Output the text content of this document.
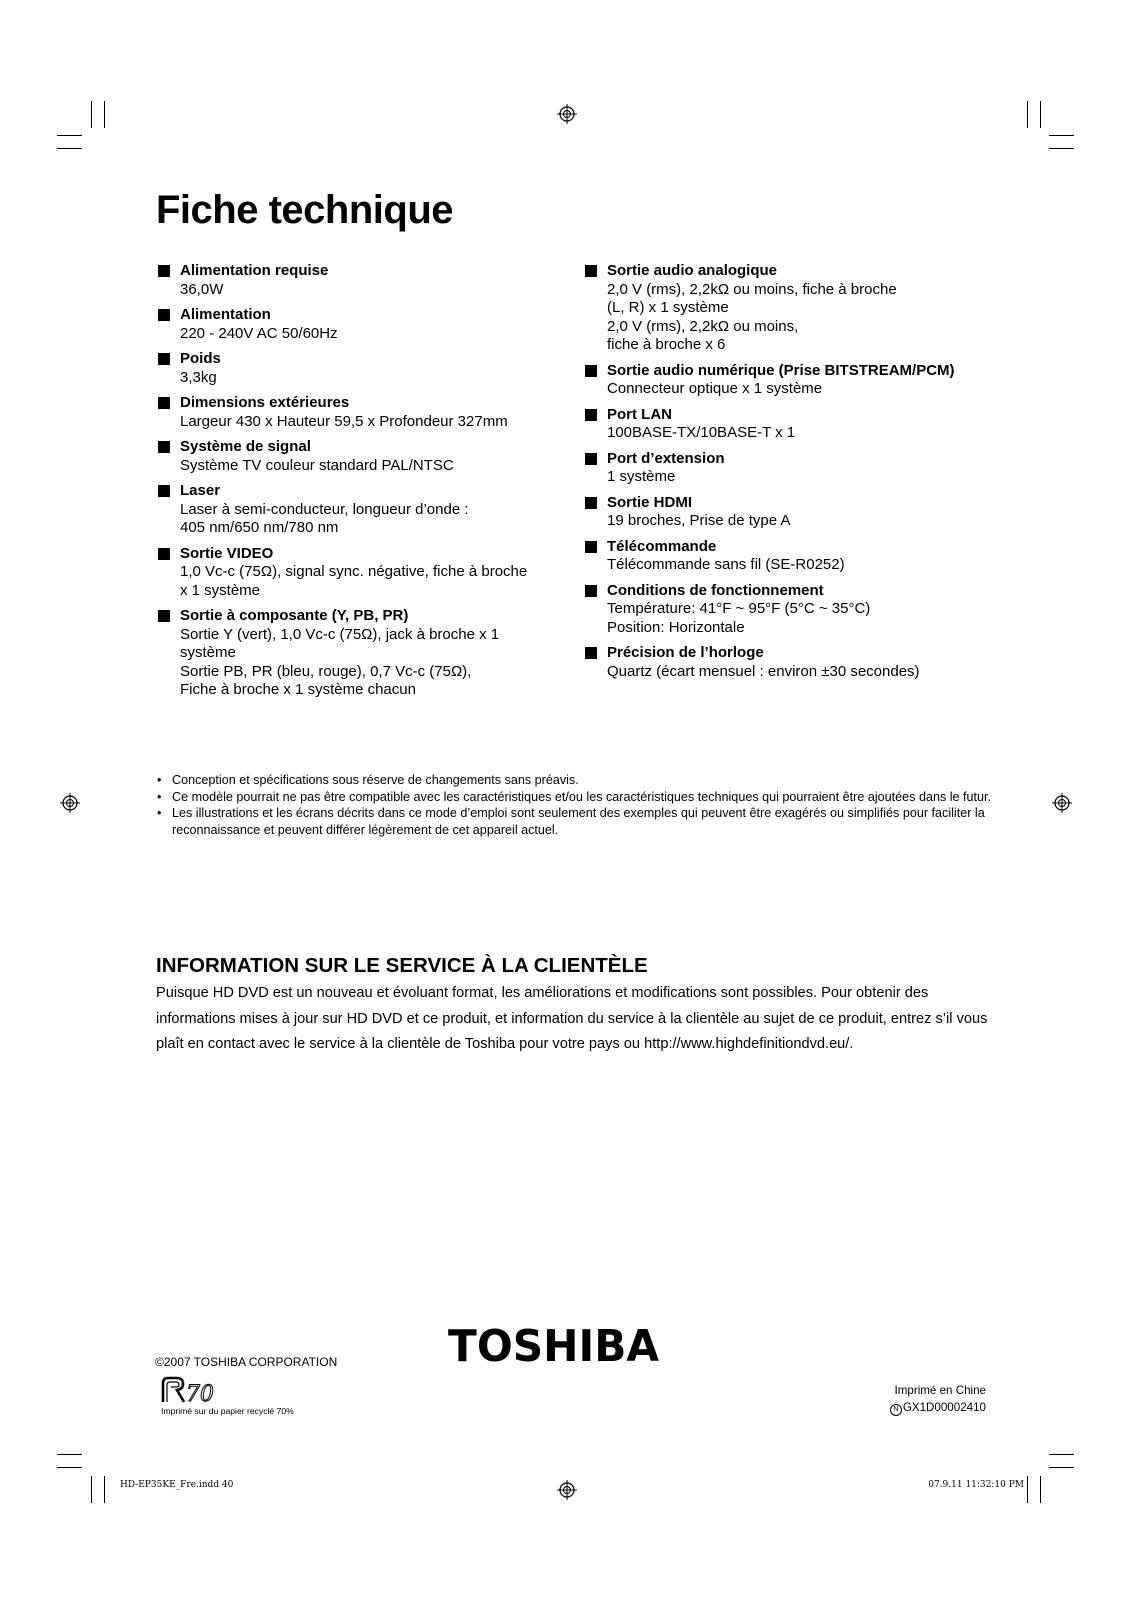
Fiche technique
Alimentation requise
36,0W
Alimentation
220 - 240V AC 50/60Hz
Poids
3,3kg
Dimensions extérieures
Largeur 430 x Hauteur 59,5 x Profondeur 327mm
Système de signal
Système TV couleur standard PAL/NTSC
Laser
Laser à semi-conducteur, longueur d’onde :
405 nm/650 nm/780 nm
Sortie VIDEO
1,0 Vc-c (75Ω), signal sync. négative, fiche à broche
x 1 système
Sortie à composante (Y, PB, PR)
Sortie Y (vert), 1,0 Vc-c (75Ω), jack à broche x 1
système
Sortie PB, PR (bleu, rouge), 0,7 Vc-c (75Ω),
Fiche à broche x 1 système chacun
Sortie audio analogique
2,0 V (rms), 2,2kΩ ou moins, fiche à broche
(L, R) x 1 système
2,0 V (rms), 2,2kΩ ou moins,
fiche à broche x 6
Sortie audio numérique (Prise BITSTREAM/PCM)
Connecteur optique x 1 système
Port LAN
100BASE-TX/10BASE-T x 1
Port d’extension
1 système
Sortie HDMI
19 broches, Prise de type A
Télécommande
Télécommande sans fil (SE-R0252)
Conditions de fonctionnement
Température: 41°F ~ 95°F (5°C ~ 35°C)
Position: Horizontale
Précision de l’horloge
Quartz (écart mensuel : environ ±30 secondes)
• Conception et spécifications sous réserve de changements sans préavis.
• Ce modèle pourrait ne pas être compatible avec les caractéristiques et/ou les caractéristiques techniques qui pourraient être ajoutées dans le futur.
• Les illustrations et les écrans décrits dans ce mode d’emploi sont seulement des exemples qui peuvent être exagérés ou simplifiés pour faciliter la reconnaissance et peuvent différer légèrement de cet appareil actuel.
INFORMATION SUR LE SERVICE À LA CLIENTÈLE
Puisque HD DVD est un nouveau et évoluant format, les améliorations et modifications sont possibles. Pour obtenir des informations mises à jour sur HD DVD et ce produit, et information du service à la clientèle au sujet de ce produit, entrez s’il vous plaît en contact avec le service à la clientèle de Toshiba pour votre pays ou http://www.highdefinitiondvd.eu/.
©2007 TOSHIBA CORPORATION	TOSHIBA
70
Imprimé sur du papier recyclé 70%
Imprimé en Chine
N GX1D00002410
HD-EP35KE_Fre.indd 40	07.9.11 11:32:10 PM
